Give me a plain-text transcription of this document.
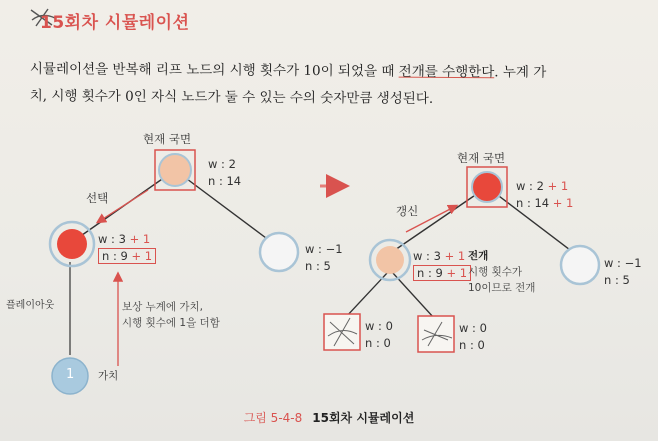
15회차 시뮬레이션
시뮬레이션을 반복해 리프 노드의 시행 횟수가 10이 되었을 때 전개를 수행한다. 누계 가
치, 시행 횟수가 0인 자식 노드가 둘 수 있는 수의 숫자만큼 생성된다.
현재 국면
w : 2
n : 14
선택
w : 3 + 1
n : 9 + 1	w : −1
n : 5
플레이아웃
1 가치
보상 누계에 가치,
시행 횟수에 1을 더함
현재 국면
w : 2 + 1
n : 14 + 1
갱신
w : 3 + 1
n : 9 + 1
전개
시행 횟수가
10이므로 전개
w : −1
n : 5
w : 0
n : 0
w : 0
n : 0
그림 5-4-8 15회차 시뮬레이션
